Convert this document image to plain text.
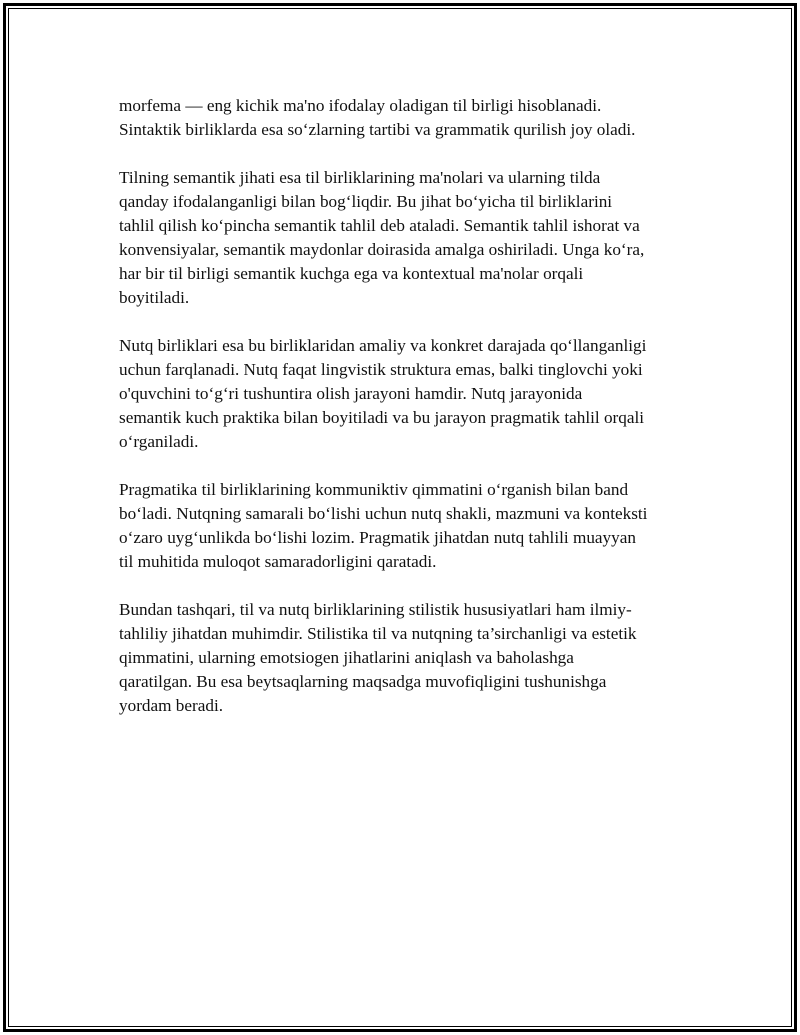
morfema — eng kichik ma'no ifodalay oladigan til birligi hisoblanadi.
Sintaktik birliklarda esa so‘zlarning tartibi va grammatik qurilish joy oladi.

Tilning semantik jihati esa til birliklarining ma'nolari va ularning tilda
qanday ifodalanganligi bilan bog‘liqdir. Bu jihat bo‘yicha til birliklarini
tahlil qilish ko‘pincha semantik tahlil deb ataladi. Semantik tahlil ishorat va
konvensiyalar, semantik maydonlar doirasida amalga oshiriladi. Unga ko‘ra,
har bir til birligi semantik kuchga ega va kontextual ma'nolar orqali
boyitiladi.

Nutq birliklari esa bu birliklaridan amaliy va konkret darajada qo‘llanganligi
uchun farqlanadi. Nutq faqat lingvistik struktura emas, balki tinglovchi yoki
o'quvchini to‘g‘ri tushuntira olish jarayoni hamdir. Nutq jarayonida
semantik kuch praktika bilan boyitiladi va bu jarayon pragmatik tahlil orqali
o‘rganiladi.

Pragmatika til birliklarining kommuniktiv qimmatini o‘rganish bilan band
bo‘ladi. Nutqning samarali bo‘lishi uchun nutq shakli, mazmuni va konteksti
o‘zaro uyg‘unlikda bo‘lishi lozim. Pragmatik jihatdan nutq tahlili muayyan
til muhitida muloqot samaradorligini qaratadi.

Bundan tashqari, til va nutq birliklarining stilistik hususiyatlari ham ilmiy-
tahliliy jihatdan muhimdir. Stilistika til va nutqning ta’sirchanligi va estetik
qimmatini, ularning emotsiogen jihatlarini aniqlash va baholashga
qaratilgan. Bu esa beytsaqlarning maqsadga muvofiqligini tushunishga
yordam beradi.
